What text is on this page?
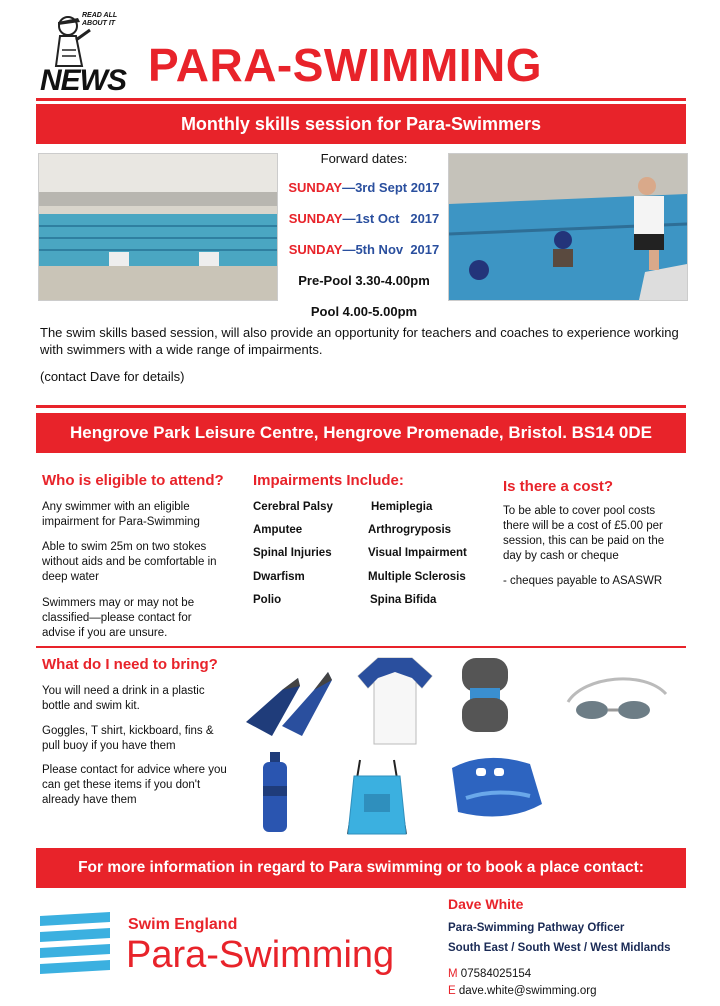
READ ALL ABOUT IT
NEWS PARA-SWIMMING
Monthly skills session for Para-Swimmers
Forward dates:
SUNDAY—3rd Sept 2017
SUNDAY—1st Oct   2017
SUNDAY—5th Nov  2017
Pre-Pool 3.30-4.00pm
Pool 4.00-5.00pm
The swim skills based session, will also provide an opportunity for teachers and coaches to experience working with swimmers with a wide range of impairments.
(contact Dave for details)
Hengrove Park Leisure Centre, Hengrove Promenade, Bristol. BS14 0DE
Who is eligible to attend?
Any swimmer with an eligible impairment for Para-Swimming
Able to swim 25m on two stokes without aids and be comfortable in deep water
Swimmers may or may not be classified—please contact for advise if you are unsure.
Impairments Include:
Cerebral Palsy
Amputee
Spinal Injuries
Dwarfism
Polio
Hemiplegia
Arthrogryposis
Visual Impairment
Multiple Sclerosis
Spina Bifida
Is there a cost?
To be able to cover pool costs there will be a cost of £5.00 per session, this can be paid on the day by cash or cheque
- cheques payable to ASASWR
What do I need to bring?
You will need a drink in a plastic bottle and swim kit.
Goggles, T shirt, kickboard, fins & pull buoy if you have them
Please contact for advice where you can get these items if you don't already have them
For more information in regard to Para swimming or to book a place contact:
Swim England
Para-Swimming
Dave White
Para-Swimming Pathway Officer
South East / South West / West Midlands
M 07584025154
E dave.white@swimming.org
